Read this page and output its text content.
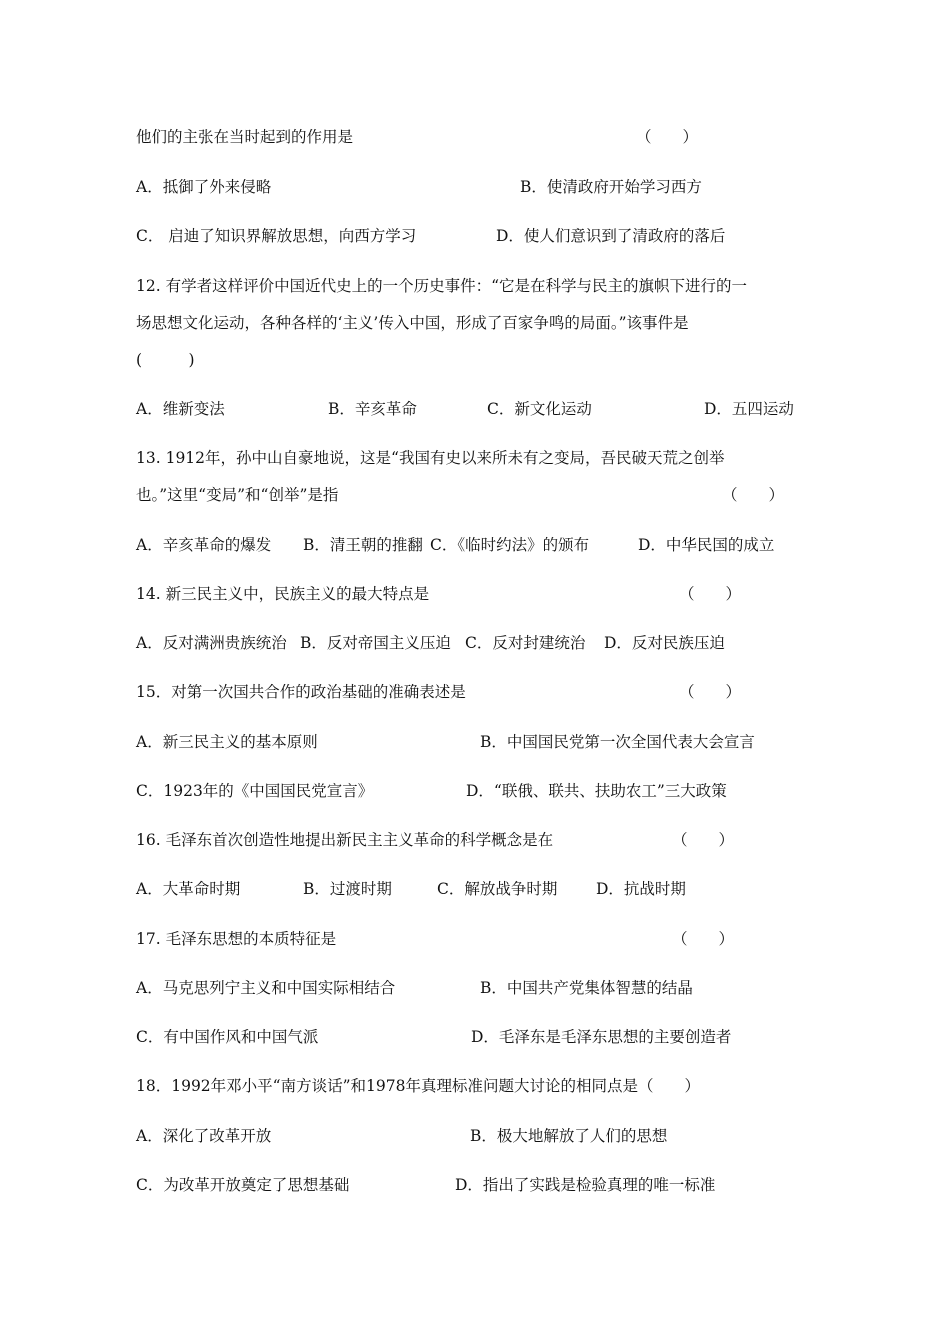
他们的主张在当时起到的作用是	（　　）
A．抵御了外来侵略	B．使清政府开始学习西方
C． 启迪了知识界解放思想，向西方学习	D．使人们意识到了清政府的落后
12. 有学者这样评价中国近代史上的一个历史事件：“它是在科学与民主的旗帜下进行的一
场思想文化运动，各种各样的‘主义’传入中国，形成了百家争鸣的局面。”该事件是
(　　　)
A．维新变法	B．辛亥革命	C．新文化运动	D．五四运动
13. 1912年，孙中山自豪地说，这是“我国有史以来所未有之变局，吾民破天荒之创举
也。”这里“变局”和“创举”是指	（　　）
A．辛亥革命的爆发 B．清王朝的推翻 C．《临时约法》的颁布	D．中华民国的成立
14. 新三民主义中，民族主义的最大特点是	（　　）
A．反对满洲贵族统治 B．反对帝国主义压迫 C．反对封建统治 D．反对民族压迫
15．对第一次国共合作的政治基础的准确表述是	（　　）
A．新三民主义的基本原则	B．中国国民党第一次全国代表大会宣言
C．1923年的《中国国民党宣言》	D．“联俄、联共、扶助农工”三大政策
16. 毛泽东首次创造性地提出新民主主义革命的科学概念是在	（　　）
A．大革命时期	B．过渡时期	C．解放战争时期 D．抗战时期
17. 毛泽东思想的本质特征是	（　　）
A．马克思列宁主义和中国实际相结合	B．中国共产党集体智慧的结晶
C．有中国作风和中国气派	D．毛泽东是毛泽东思想的主要创造者
18．1992年邓小平“南方谈话”和1978年真理标准问题大讨论的相同点是（　　）
A．深化了改革开放	B．极大地解放了人们的思想
C．为改革开放奠定了思想基础	D．指出了实践是检验真理的唯一标准
